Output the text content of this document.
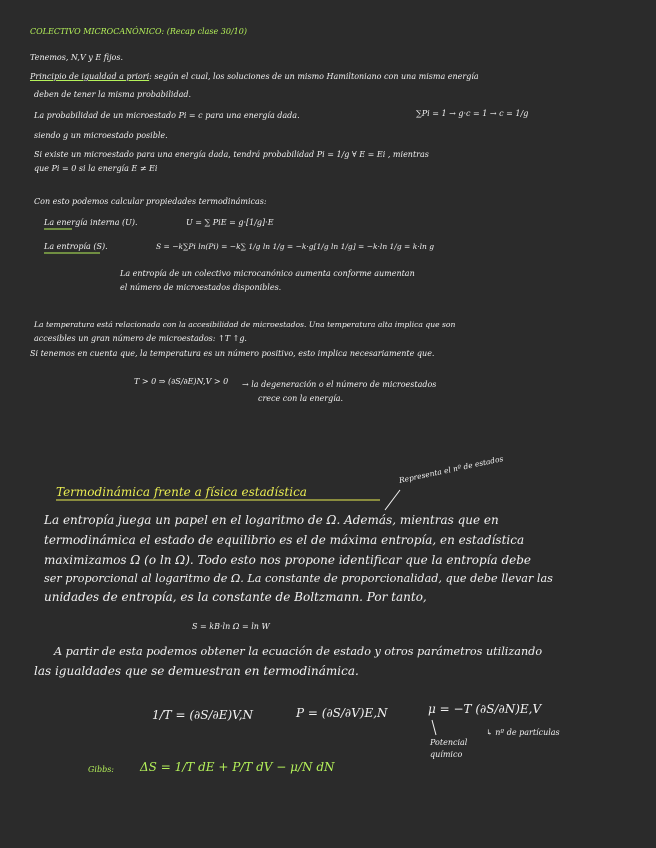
COLECTIVO MICROCANÓNICO: (Recap clase 30/10)
Tenemos, N,V y E fijos.
Principio de igualdad a priori: según el cual, los soluciones de un mismo Hamiltoniano con una misma energía
deben de tener la misma probabilidad.
La probabilidad de un microestado Pi = c para una energía dada.	∑Pi = 1 → g·c = 1 → c = 1/g
siendo g un microestado posible.
Si existe un microestado para una energía dada, tendrá probabilidad Pi = 1/g ∀ E = Ei , mientras
que Pi = 0 si la energía E ≠ Ei
Con esto podemos calcular propiedades termodinámicas:
La energía interna (U).	U = ∑ PiE = g·[1/g]·E
La entropía (S).	S = −k∑Pi ln(Pi) = −k∑ 1/g ln 1/g = −k·g[1/g ln 1/g] = −k·ln 1/g = k·ln g
La entropía de un colectivo microcanónico aumenta conforme aumentan
el número de microestados disponibles.
La temperatura está relacionada con la accesibilidad de microestados. Una temperatura alta implica que son
accesibles un gran número de microestados: ↑T ↑g.
Si tenemos en cuenta que, la temperatura es un número positivo, esto implica necesariamente que.
T > 0 ⇒ (∂S/∂E)N,V > 0 → la degeneración o el número de microestados
crece con la energía.
Termodinámica frente a física estadística
Representa el nº de estados
La entropía juega un papel en el logaritmo de Ω. Además, mientras que en
termodinámica el estado de equilibrio es el de máxima entropía, en estadística
maximizamos Ω (o ln Ω). Todo esto nos propone identificar que la entropía debe
ser proporcional al logaritmo de Ω. La constante de proporcionalidad, que debe llevar las
unidades de entropía, es la constante de Boltzmann. Por tanto,
S = kB·ln Ω = ln W
A partir de esta podemos obtener la ecuación de estado y otros parámetros utilizando
las igualdades que se demuestran en termodinámica.
1/T = (∂S/∂E)V,N	P = (∂S/∂V)E,N	μ = −T (∂S/∂N)E,V
Potencial
químico
↳ nº de partículas
Gibbs: ΔS = 1/T dE + P/T dV − μ/N dN
